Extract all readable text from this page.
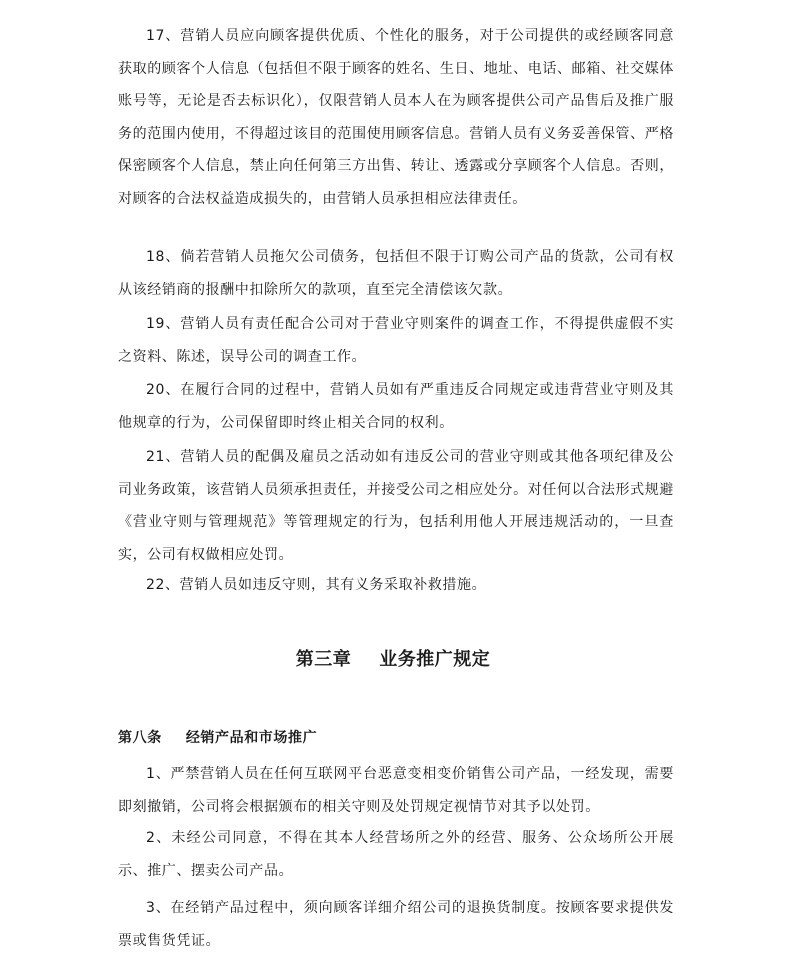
17、营销人员应向顾客提供优质、个性化的服务，对于公司提供的或经顾客同意获取的顾客个人信息（包括但不限于顾客的姓名、生日、地址、电话、邮箱、社交媒体账号等，无论是否去标识化），仅限营销人员本人在为顾客提供公司产品售后及推广服务的范围内使用，不得超过该目的范围使用顾客信息。营销人员有义务妥善保管、严格保密顾客个人信息，禁止向任何第三方出售、转让、透露或分享顾客个人信息。否则，对顾客的合法权益造成损失的，由营销人员承担相应法律责任。

18、倘若营销人员拖欠公司债务，包括但不限于订购公司产品的货款，公司有权从该经销商的报酬中扣除所欠的款项，直至完全清偿该欠款。

19、营销人员有责任配合公司对于营业守则案件的调查工作，不得提供虚假不实之资料、陈述，误导公司的调查工作。

20、在履行合同的过程中，营销人员如有严重违反合同规定或违背营业守则及其他规章的行为，公司保留即时终止相关合同的权利。

21、营销人员的配偶及雇员之活动如有违反公司的营业守则或其他各项纪律及公司业务政策，该营销人员须承担责任，并接受公司之相应处分。对任何以合法形式规避《营业守则与管理规范》等管理规定的行为，包括利用他人开展违规活动的，一旦查实，公司有权做相应处罚。

22、营销人员如违反守则，其有义务采取补救措施。

第三章 业务推广规定
第八条 经销产品和市场推广

1、严禁营销人员在任何互联网平台恶意变相变价销售公司产品，一经发现，需要即刻撤销，公司将会根据颁布的相关守则及处罚规定视情节对其予以处罚。

2、未经公司同意，不得在其本人经营场所之外的经营、服务、公众场所公开展示、推广、摆卖公司产品。

3、在经销产品过程中，须向顾客详细介绍公司的退换货制度。按顾客要求提供发票或售货凭证。
